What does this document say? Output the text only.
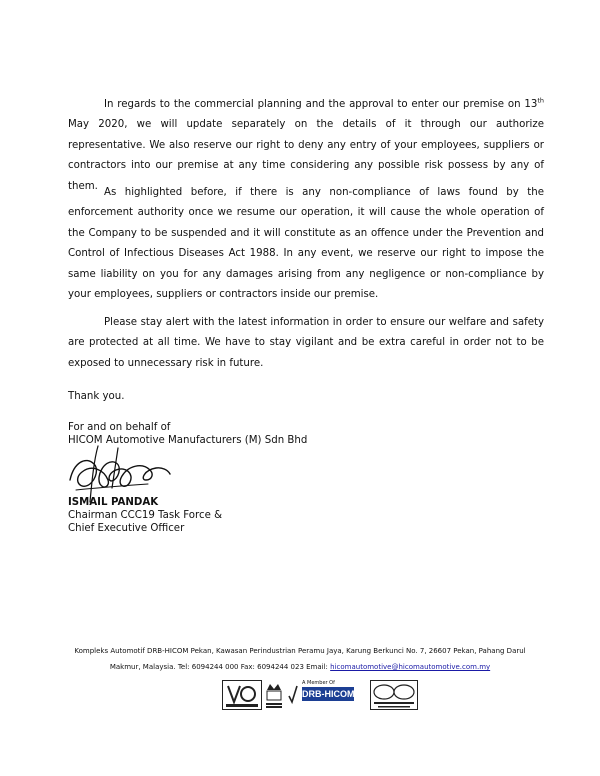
In regards to the commercial planning and the approval to enter our premise on 13th May 2020, we will update separately on the details of it through our authorize representative. We also reserve our right to deny any entry of your employees, suppliers or contractors into our premise at any time considering any possible risk possess by any of them.

As highlighted before, if there is any non-compliance of laws found by the enforcement authority once we resume our operation, it will cause the whole operation of the Company to be suspended and it will constitute as an offence under the Prevention and Control of Infectious Diseases Act 1988. In any event, we reserve our right to impose the same liability on you for any damages arising from any negligence or non-compliance by your employees, suppliers or contractors inside our premise.

Please stay alert with the latest information in order to ensure our welfare and safety are protected at all time. We have to stay vigilant and be extra careful in order not to be exposed to unnecessary risk in future.

Thank you.
For and on behalf of
HICOM Automotive Manufacturers (M) Sdn Bhd
ISMAIL PANDAK
Chairman CCC19 Task Force &
Chief Executive Officer
Kompleks Automotif DRB-HICOM Pekan, Kawasan Perindustrian Peramu Jaya, Karung Berkunci No. 7, 26607 Pekan, Pahang Darul
Makmur, Malaysia. Tel: 6094244 000 Fax: 6094244 023 Email: hicomautomotive@hicomautomotive.com.my
A Member Of
DRB-HICOM
